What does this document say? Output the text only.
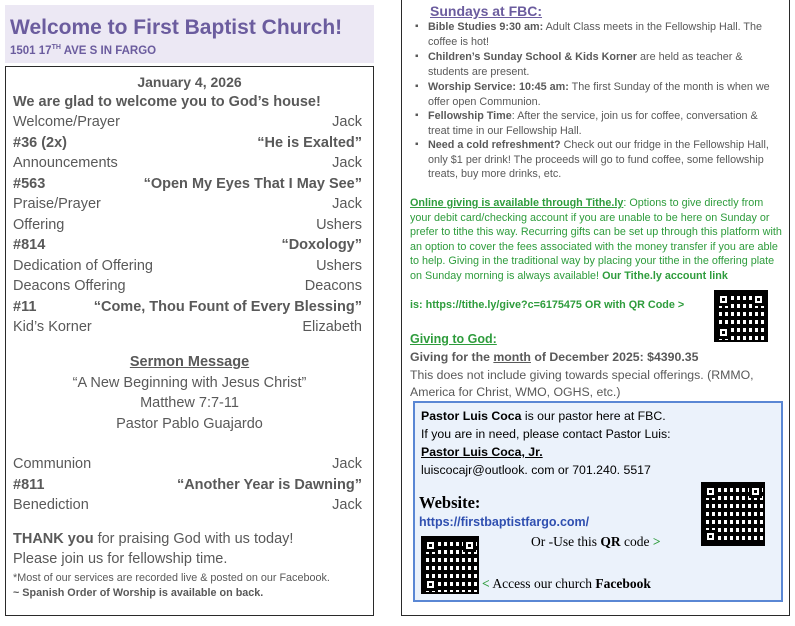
Welcome to First Baptist Church!
1501 17TH AVE S IN FARGO
January 4, 2026
We are glad to welcome you to God’s house!
Welcome/Prayer	Jack
#36 (2x)	“He is Exalted”
Announcements	Jack
#563	“Open My Eyes That I May See”
Praise/Prayer	Jack
Offering	Ushers
#814	“Doxology”
Dedication of Offering	Ushers
Deacons Offering	Deacons
#11	“Come, Thou Fount of Every Blessing”
Kid’s Korner	Elizabeth
Sermon Message
“A New Beginning with Jesus Christ”
Matthew 7:7-11
Pastor Pablo Guajardo
Communion	Jack
#811	“Another Year is Dawning”
Benediction	Jack
THANK you for praising God with us today!
Please join us for fellowship time.
*Most of our services are recorded live & posted on our Facebook.
~ Spanish Order of Worship is available on back.
Sundays at FBC:
▪ Bible Studies 9:30 am: Adult Class meets in the Fellowship Hall. The coffee is hot!
▪ Children’s Sunday School & Kids Korner are held as teacher & students are present.
▪ Worship Service: 10:45 am: The first Sunday of the month is when we offer open Communion.
▪ Fellowship Time: After the service, join us for coffee, conversation & treat time in our Fellowship Hall.
▪ Need a cold refreshment? Check out our fridge in the Fellowship Hall, only $1 per drink! The proceeds will go to fund coffee, some fellowship treats, buy more drinks, etc.
Online giving is available through Tithe.ly: Options to give directly from your debit card/checking account if you are unable to be here on Sunday or prefer to tithe this way. Recurring gifts can be set up through this platform with an option to cover the fees associated with the money transfer if you are able to help. Giving in the traditional way by placing your tithe in the offering plate on Sunday morning is always available! Our Tithe.ly account link
is: https://tithe.ly/give?c=6175475 OR with QR Code >
Giving to God:
Giving for the month of December 2025: $4390.35
This does not include giving towards special offerings. (RMMO, America for Christ, WMO, OGHS, etc.)
Pastor Luis Coca is our pastor here at FBC.
If you are in need, please contact Pastor Luis:
Pastor Luis Coca, Jr.
luiscocajr@outlook. com or 701.240. 5517
Website:
https://firstbaptistfargo.com/
Or -Use this QR code >
< Access our church Facebook
